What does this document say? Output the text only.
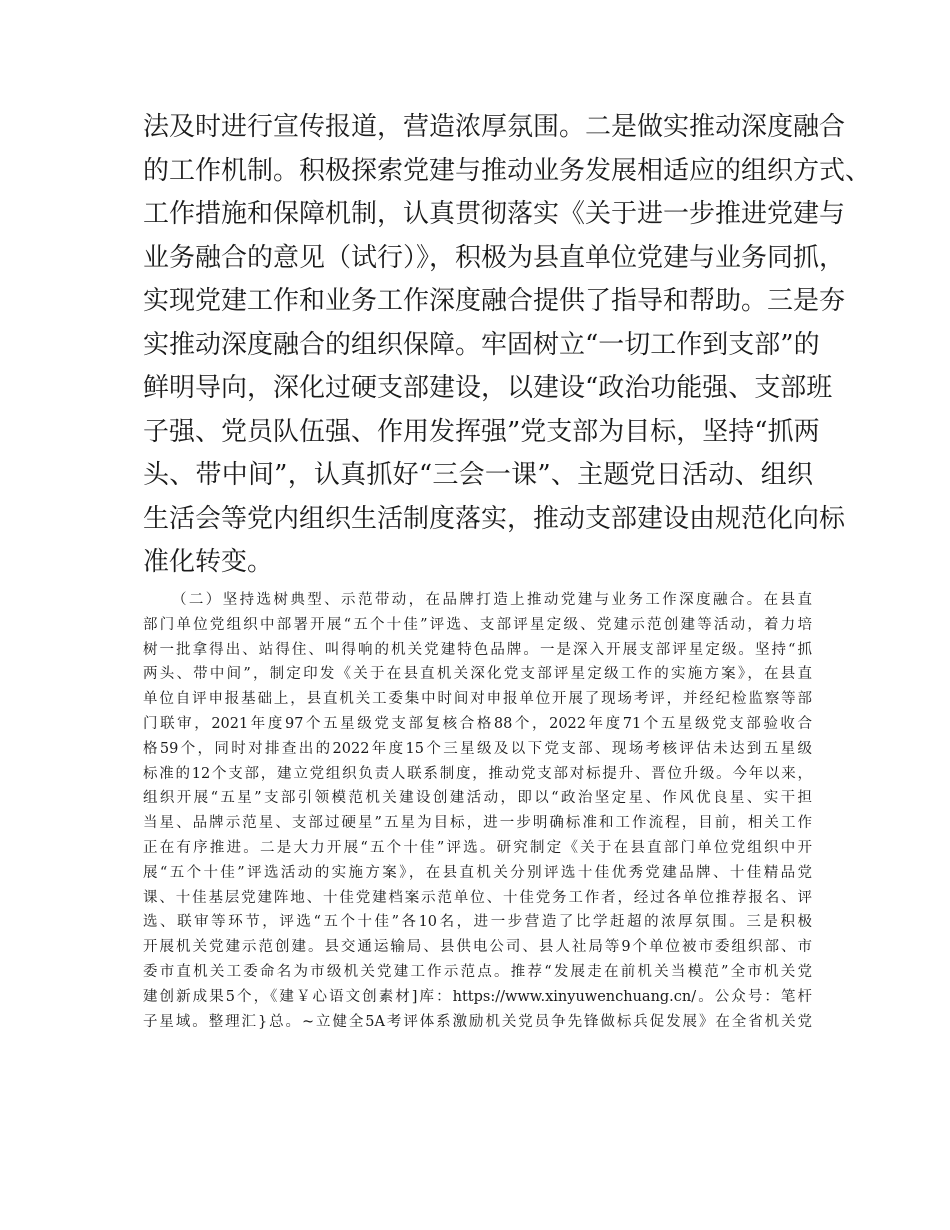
法及时进行宣传报道，营造浓厚氛围。二是做实推动深度融合
的工作机制。积极探索党建与推动业务发展相适应的组织方式、
工作措施和保障机制，认真贯彻落实《关于进一步推进党建与
业务融合的意见（试行）》，积极为县直单位党建与业务同抓，
实现党建工作和业务工作深度融合提供了指导和帮助。三是夯
实推动深度融合的组织保障。牢固树立“一切工作到支部”的
鲜明导向，深化过硬支部建设，以建设“政治功能强、支部班
子强、党员队伍强、作用发挥强”党支部为目标，坚持“抓两
头、带中间”，认真抓好“三会一课”、主题党日活动、组织
生活会等党内组织生活制度落实，推动支部建设由规范化向标
准化转变。
（二）坚持选树典型、示范带动，在品牌打造上推动党建与业务工作深度融合。在县直
部门单位党组织中部署开展“五个十佳”评选、支部评星定级、党建示范创建等活动，着力培
树一批拿得出、站得住、叫得响的机关党建特色品牌。一是深入开展支部评星定级。坚持“抓
两头、带中间”，制定印发《关于在县直机关深化党支部评星定级工作的实施方案》，在县直
单位自评申报基础上，县直机关工委集中时间对申报单位开展了现场考评，并经纪检监察等部
门联审，2021年度97个五星级党支部复核合格88个，2022年度71个五星级党支部验收合
格59个，同时对排查出的2022年度15个三星级及以下党支部、现场考核评估未达到五星级
标准的12个支部，建立党组织负责人联系制度，推动党支部对标提升、晋位升级。今年以来，
组织开展“五星”支部引领模范机关建设创建活动，即以“政治坚定星、作风优良星、实干担
当星、品牌示范星、支部过硬星”五星为目标，进一步明确标准和工作流程，目前，相关工作
正在有序推进。二是大力开展“五个十佳”评选。研究制定《关于在县直部门单位党组织中开
展“五个十佳”评选活动的实施方案》，在县直机关分别评选十佳优秀党建品牌、十佳精品党
课、十佳基层党建阵地、十佳党建档案示范单位、十佳党务工作者，经过各单位推荐报名、评
选、联审等环节，评选“五个十佳”各10名，进一步营造了比学赶超的浓厚氛围。三是积极
开展机关党建示范创建。县交通运输局、县供电公司、县人社局等9个单位被市委组织部、市
委市直机关工委命名为市级机关党建工作示范点。推荐“发展走在前机关当模范”全市机关党
建创新成果5个，《建￥心语文创素材]库：https://www.xinyuwenchuang.cn/。公众号：笔杆
子星域。整理汇}总。~立健全5A考评体系激励机关党员争先锋做标兵促发展》在全省机关党
